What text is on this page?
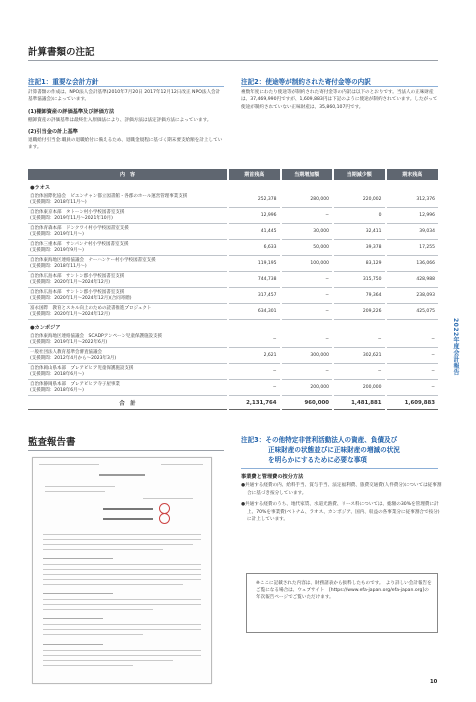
計算書類の注記
注記1：重要な会計方針
計算書類の作成は、NPO法人会計基準(2010年7月20日 2017年12月12日改正 NPO法人会計基準協議会)によっています。
(1)棚卸資産の評価基準及び評価方法
棚卸資産の評価基準は最終仕入原価法により、評価方法は法定評価方法によっています。
(2)引当金の計上基準
退職給付引当金:職員の退職給付に備えるため、退職金規程に基づく期末要支給額を計上しています。
注記2：使途等が制約された寄付金等の内訳
複数年度にわたり使途等が制約された寄付金等の内訳は以下のとおりです。当法人の正味財産は、37,469,990円ですが、1,609,883円は下記のように使途が制約されています。したがって使途が制約されていない正味財産は、35,860,107円です。
内　容	期首残高	当期増加額	当期減少額	期末残高
●ラオス				

自治体国際化協会　ビエンチャン都立図書館・各郡のホール運営管理事業支援
(支援期間：2018年11月〜)	252,378	280,000	220,002	312,376

自治体東京本部　タトーン村小学校図書室支援
(支援期間：2019年11月〜2021年10月)	12,996	−	0	12,996

自治体青森本部　ドンクワイ村小学校図書室支援
(支援期間：2019年1月〜)	41,445	30,000	32,411	39,034

自治体三重本部　サンパンナ村小学校図書室支援
(支援期間：2019年9月〜)	6,633	50,000	39,378	17,255

自治体東海地区連絡協議会　ナーハンケー村小学校図書室支援
(支援期間：2018年11月〜)	119,195	100,000	83,129	136,066

自治体広島本部　サントン郡小学校図書室支援
(支援期間：2020年1月〜2024年12月)	744,738	−	315,750	428,988

自治体広島本部　サントン郡小学校図書室支援
(支援期間：2020年1月〜2024年12月)(合同寄贈)	317,457	−	79,364	238,093

富永国際　教育とスキル向上のための読書推進プロジェクト
(支援期間：2020年1月〜2024年12月)	634,301	−	209,226	425,075
●カンボジア				

自治体東海地区連絡協議会　SCADPアンペーン児童保護施設支援
(支援期間：2019年1月〜2022年6月)	−	−	−	−

一般社団法人教育基準会審査協議会
(支援期間：2012年4月から〜2023年3月)	2,621	300,000	302,621	−

自治体岡山県本部　プレアビヒア児童保護施設支援
(支援期間：2018年6月〜)	−	−	−	−

自治体静岡県本部　プレアビヒア寺子屋事業
(支援期間：2018年6月〜)	−	200,000	200,000	−
合　計	2,131,764	960,000	1,481,881	1,609,883
2022年度会計報告
監査報告書	注記3：その他特定非営利活動法人の資産、負債及び
正味財産の状態並びに正味財産の増減の状況
を明らかにするために必要な事項
事業費と管理費の按分方法
●共通する経費の内、給料手当、賞与手当、法定福利費、旅費交通費(人件費分)については従事割合に基づき按分しています。
●共通する経費のうち、地代家賃、水道光熱費、リース料については、総額の30%を管理費に計上、70%を事業費(ベトナム、ラオス、カンボジア、国内、収益の各事業分に従事割合で按分)に計上しています。
※ここに記載された内容は、財務諸表から抜粋したものです。　より詳しい会計報告をご覧になる場合は、ウェブサイト　[https://www.efa-japan.org/efa-japan.org]の年次報告ページでご覧いただけます。
10
